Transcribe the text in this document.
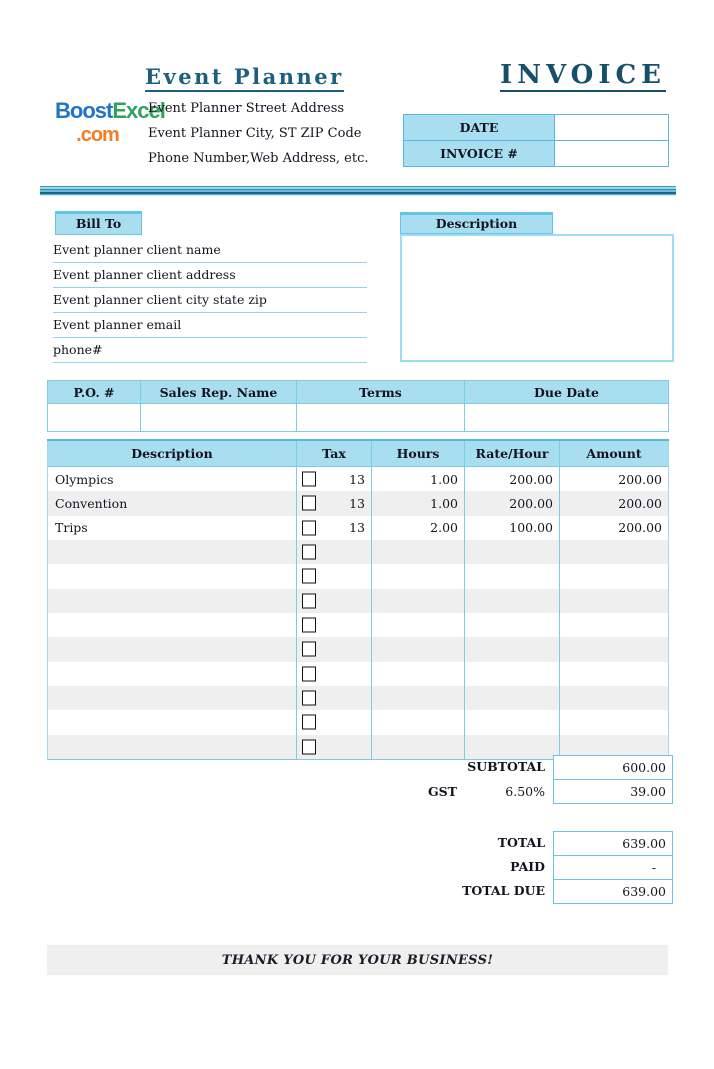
BoostExcel
.com
Event Planner
Event Planner Street Address
Event Planner City, ST ZIP Code
Phone Number,Web Address, etc.
INVOICE
DATE	
INVOICE #	
Bill To
Event planner client name
Event planner client address
Event planner client city state zip
Event planner email
phone#
Description
P.O. #	Sales Rep. Name	Terms	Due Date

Description	Tax	Hours	Rate/Hour	Amount
Olympics	13	1.00	200.00	200.00
Convention	13	1.00	200.00	200.00
Trips	13	2.00	100.00	200.00

SUBTOTAL	600.00
GST	6.50%	39.00
TOTAL	639.00
PAID	-
TOTAL DUE	639.00
THANK YOU FOR YOUR BUSINESS!
